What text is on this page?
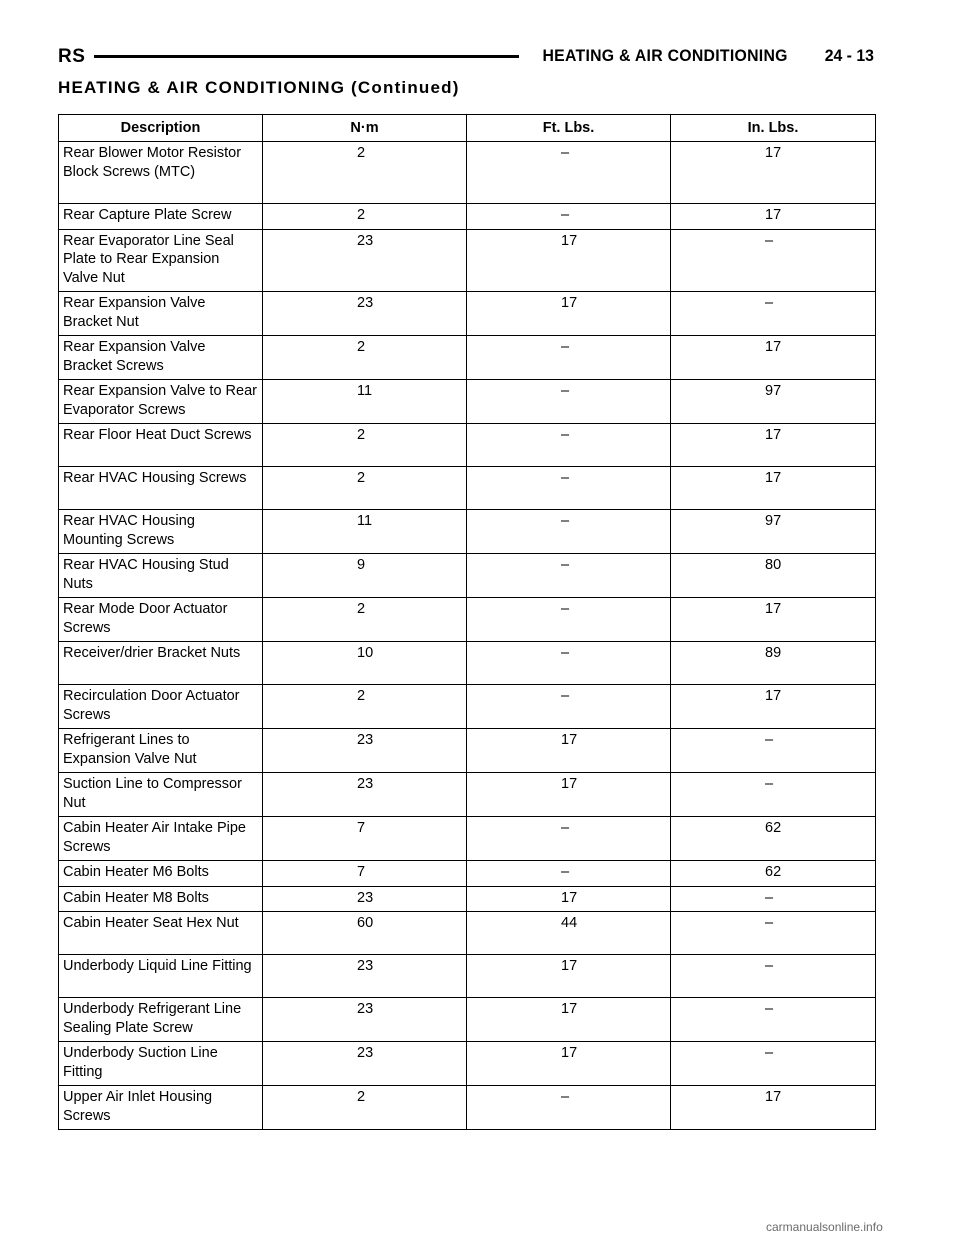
RS	HEATING & AIR CONDITIONING 24 - 13
HEATING & AIR CONDITIONING (Continued)
Description	N·m	Ft. Lbs.	In. Lbs.
Rear Blower Motor Resistor Block Screws (MTC)	2	–	17
Rear Capture Plate Screw	2	–	17
Rear Evaporator Line Seal Plate to Rear Expansion Valve Nut	23	17	–
Rear Expansion Valve Bracket Nut	23	17	–
Rear Expansion Valve Bracket Screws	2	–	17
Rear Expansion Valve to Rear Evaporator Screws	11	–	97
Rear Floor Heat Duct Screws	2	–	17
Rear HVAC Housing Screws	2	–	17
Rear HVAC Housing Mounting Screws	11	–	97
Rear HVAC Housing Stud Nuts	9	–	80
Rear Mode Door Actuator Screws	2	–	17
Receiver/drier Bracket Nuts	10	–	89
Recirculation Door Actuator Screws	2	–	17
Refrigerant Lines to Expansion Valve Nut	23	17	–
Suction Line to Compressor Nut	23	17	–
Cabin Heater Air Intake Pipe Screws	7	–	62
Cabin Heater M6 Bolts	7	–	62
Cabin Heater M8 Bolts	23	17	–
Cabin Heater Seat Hex Nut	60	44	–
Underbody Liquid Line Fitting	23	17	–
Underbody Refrigerant Line Sealing Plate Screw	23	17	–
Underbody Suction Line Fitting	23	17	–
Upper Air Inlet Housing Screws	2	–	17
carmanualsonline.info
